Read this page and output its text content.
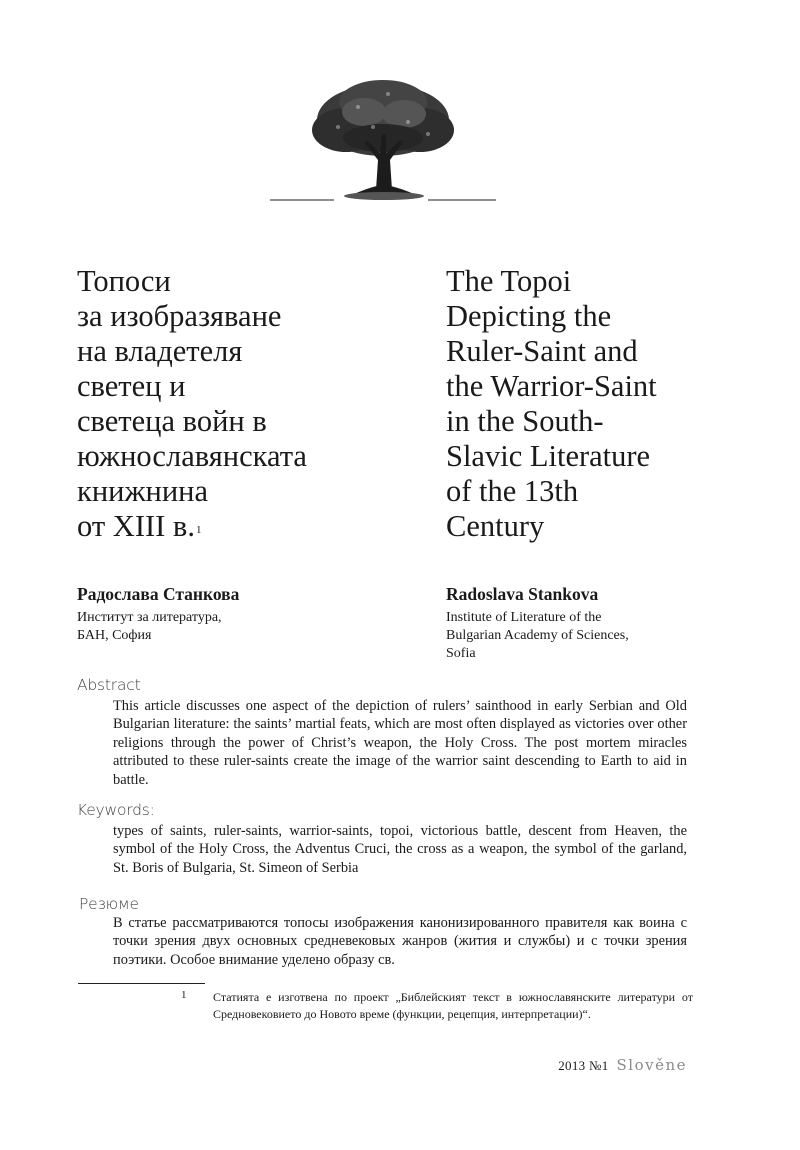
Топоси

за изобразяване

на владетеля

светец и

светеца войн в

южнославянската

книжнина

от XIII в.$^1$

The Topoi

Depicting the

Ruler-Saint and

the Warrior-Saint

in the South-

Slavic Literature

of the 13th

Century

Радослава Станкова

Институт за литература,
БАН, София

Radoslava Stankova

Institute of Literature of the
Bulgarian Academy of Sciences,
Sofia

Abstract
This article discusses one aspect of the depiction of rulers’ sainthood in early Serbian and Old Bulgarian literature: the saints’ martial feats, which are most often displayed as victories over other religions through the power of Christ’s weapon, the Holy Cross. The post mortem miracles attributed to these ruler-saints create the image of the warrior saint descending to Earth to aid in battle.
Keywords:
types of saints, ruler-saints, warrior-saints, topoi, victorious battle, descent from Heaven, the symbol of the Holy Cross, the Adventus Cruci, the cross as a weapon, the symbol of the garland, St. Boris of Bulgaria, St. Simeon of Serbia
Резюме
В статье рассматриваются топосы изображения канонизированного правителя как воина с точки зрения двух основных средневековых жанров (жития и службы) и с точки зрения поэтики. Особое внимание уделено образу св.
1 Статията е изготвена по проект „Библейският текст в южнославянските литератури от Средновековието до Новото време (функции, рецепция, интерпретации)“.
2013 №1 Slověne
